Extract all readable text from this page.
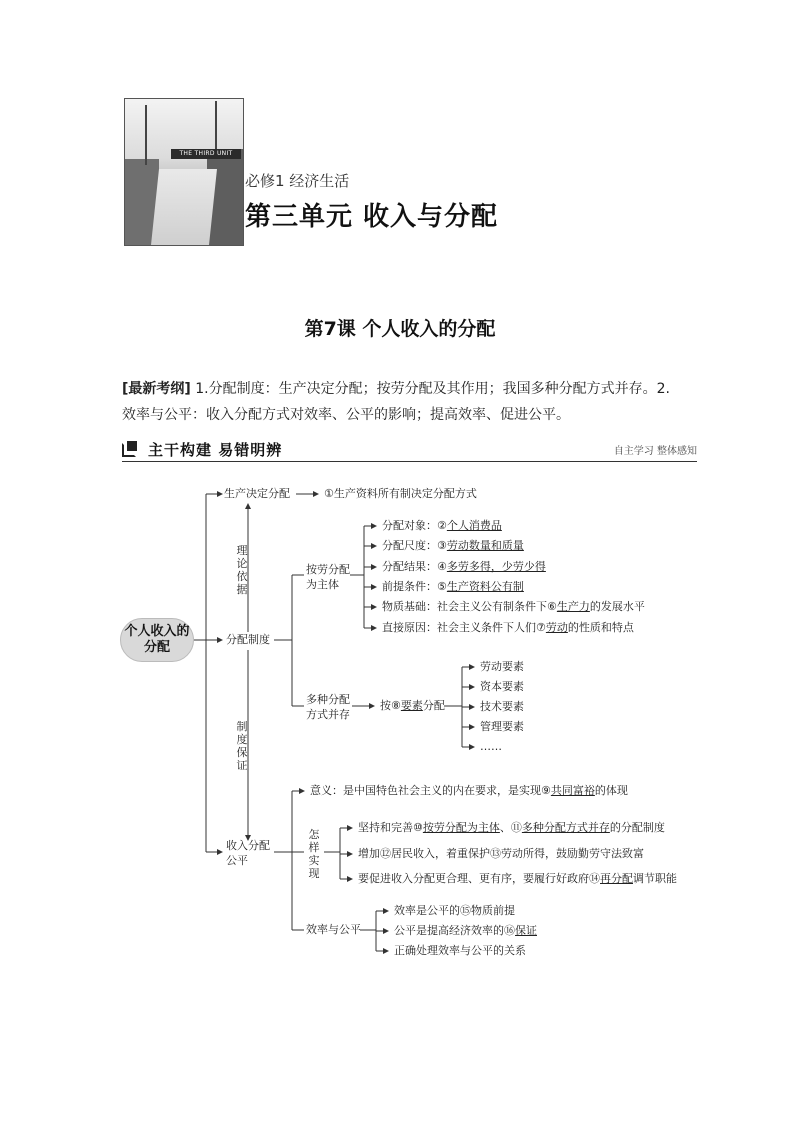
THE THIRD UNIT
必修1 经济生活
第三单元 收入与分配
第7课 个人收入的分配
[最新考纲] 1.分配制度：生产决定分配；按劳分配及其作用；我国多种分配方式并存。2.
效率与公平：收入分配方式对效率、公平的影响；提高效率、促进公平。
主干构建 易错明辨	自主学习 整体感知
个人收入的分配
生产决定分配	①生产资料所有制决定分配方式
理论依据
分配制度
制度保证
按劳分配为主体
分配对象：②个人消费品
分配尺度：③劳动数量和质量
分配结果：④多劳多得，少劳少得
前提条件：⑤生产资料公有制
物质基础：社会主义公有制条件下⑥生产力的发展水平
直接原因：社会主义条件下人们⑦劳动的性质和特点
多种分配方式并存
按⑧要素分配
劳动要素
资本要素
技术要素
管理要素
……
收入分配公平
意义：是中国特色社会主义的内在要求，是实现⑨共同富裕的体现
怎样实现
坚持和完善⑩按劳分配为主体、⑪多种分配方式并存的分配制度
增加⑫居民收入，着重保护⑬劳动所得，鼓励勤劳守法致富
要促进收入分配更合理、更有序，要履行好政府⑭再分配调节职能
效率与公平
效率是公平的⑮物质前提
公平是提高经济效率的⑯保证
正确处理效率与公平的关系
